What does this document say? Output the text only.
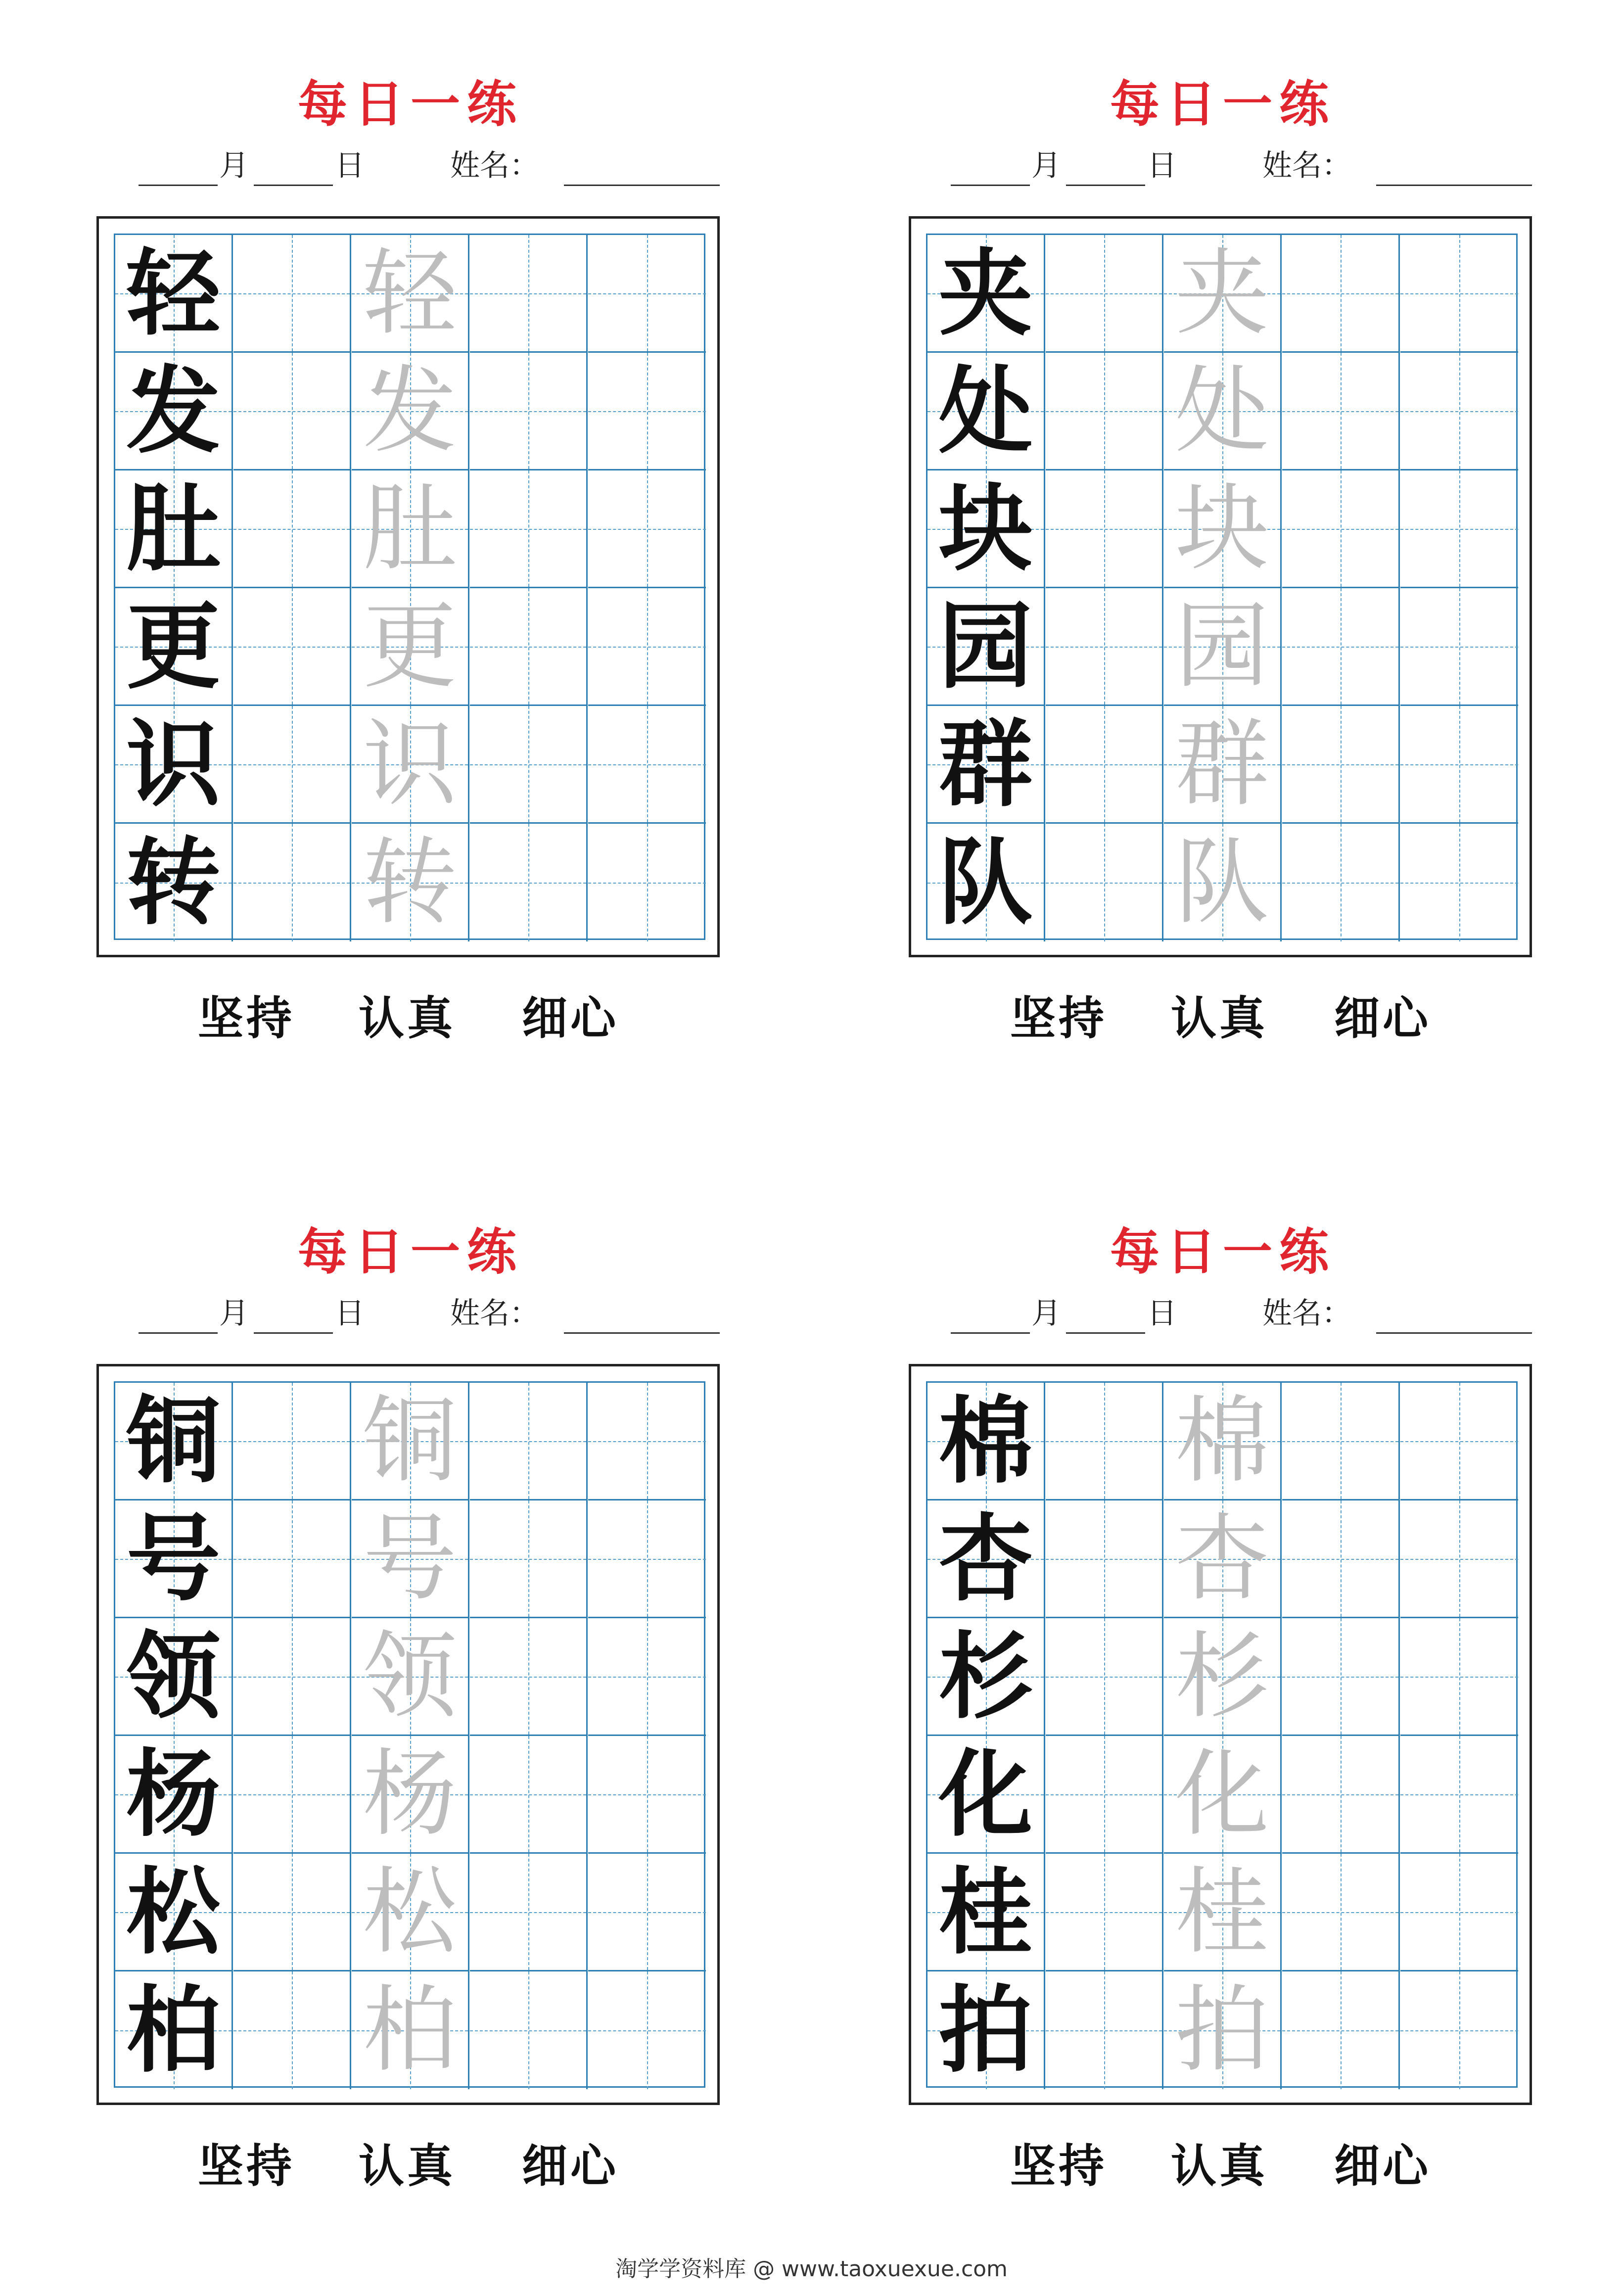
每日一练
月	日	姓名：
轻 轻
发 发
肚 肚
更 更
识 识
转 转
坚持 认真 细心
每日一练
月	日	姓名：
夹 夹
处 处
块 块
园 园
群 群
队 队
坚持 认真 细心
每日一练
月	日	姓名：
铜 铜
号 号
领 领
杨 杨
松 松
柏 柏
坚持 认真 细心
每日一练
月	日	姓名：
棉 棉
杏 杏
杉 杉
化 化
桂 桂
拍 拍
坚持 认真 细心
淘学学资料库 @ www.taoxuexue.com
